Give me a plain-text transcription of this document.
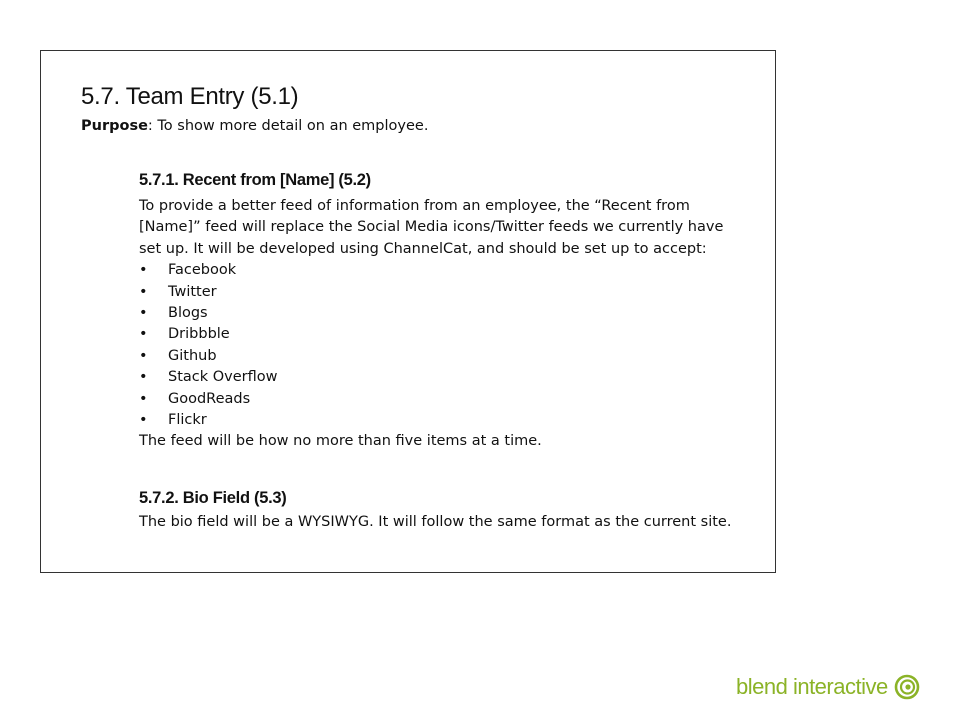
5.7. Team Entry (5.1)
Purpose: To show more detail on an employee.
5.7.1. Recent from [Name] (5.2)
To provide a better feed of information from an employee, the “Recent from [Name]” feed will replace the Social Media icons/Twitter feeds we currently have set up. It will be developed using ChannelCat, and should be set up to accept:
• Facebook
• Twitter
• Blogs
• Dribbble
• Github
• Stack Overflow
• GoodReads
• Flickr
The feed will be how no more than five items at a time.
5.7.2. Bio Field (5.3)
The bio field will be a WYSIWYG. It will follow the same format as the current site.
blend interactive
